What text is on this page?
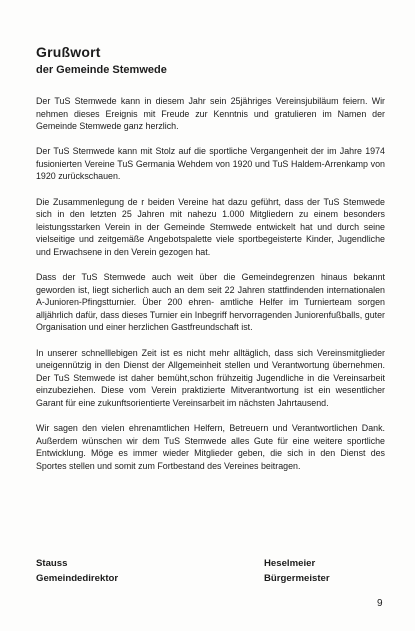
Grußwort
der Gemeinde Stemwede

Der TuS Stemwede kann in diesem Jahr sein 25jähriges Vereinsjubiläum feiern. Wir nehmen dieses Ereignis mit Freude zur Kenntnis und gratulieren im Namen der Gemeinde Stemwede ganz herzlich.

Der TuS Stemwede kann mit Stolz auf die sportliche Vergangenheit der im Jahre 1974 fusionierten Vereine TuS Germania Wehdem von 1920 und TuS Haldem-Arrenkamp von 1920 zurückschauen.

Die Zusammenlegung de r beiden Vereine hat dazu geführt, dass der TuS Stemwede sich in den letzten 25 Jahren mit nahezu 1.000 Mitgliedern zu einem besonders leistungsstarken Verein in der Gemeinde Stemwede entwickelt hat und durch seine vielseitige und zeitgemäße Angebotspalette viele sportbegeisterte Kinder, Jugendliche und Erwachsene in den Verein gezogen hat.

Dass der TuS Stemwede auch weit über die Gemeindegrenzen hinaus bekannt geworden ist, liegt sicherlich auch an dem seit 22 Jahren stattfindenden internationalen A-Junioren-Pfingstturnier. Über 200 ehren- amtliche Helfer im Turnierteam sorgen alljährlich dafür, dass dieses Turnier ein Inbegriff hervorragenden Juniorenfußballs, guter Organisation und einer herzlichen Gastfreundschaft ist.

In unserer schnelllebigen Zeit ist es nicht mehr alltäglich, dass sich Vereinsmitglieder uneigennützig in den Dienst der Allgemeinheit stellen und Verantwortung übernehmen. Der TuS Stemwede ist daher bemüht,schon frühzeitig Jugendliche in die Vereinsarbeit einzubeziehen. Diese vom Verein praktizierte Mitverantwortung ist ein wesentlicher Garant für eine zukunftsorientierte Vereinsarbeit im nächsten Jahrtausend.

Wir sagen den vielen ehrenamtlichen Helfern, Betreuern und Verantwortlichen Dank. Außerdem wünschen wir dem TuS Stemwede alles Gute für eine weitere sportliche Entwicklung. Möge es immer wieder Mitglieder geben, die sich in den Dienst des Sportes stellen und somit zum Fortbestand des Vereines beitragen.

Stauss
Gemeindedirektor
Heselmeier
Bürgermeister
9
